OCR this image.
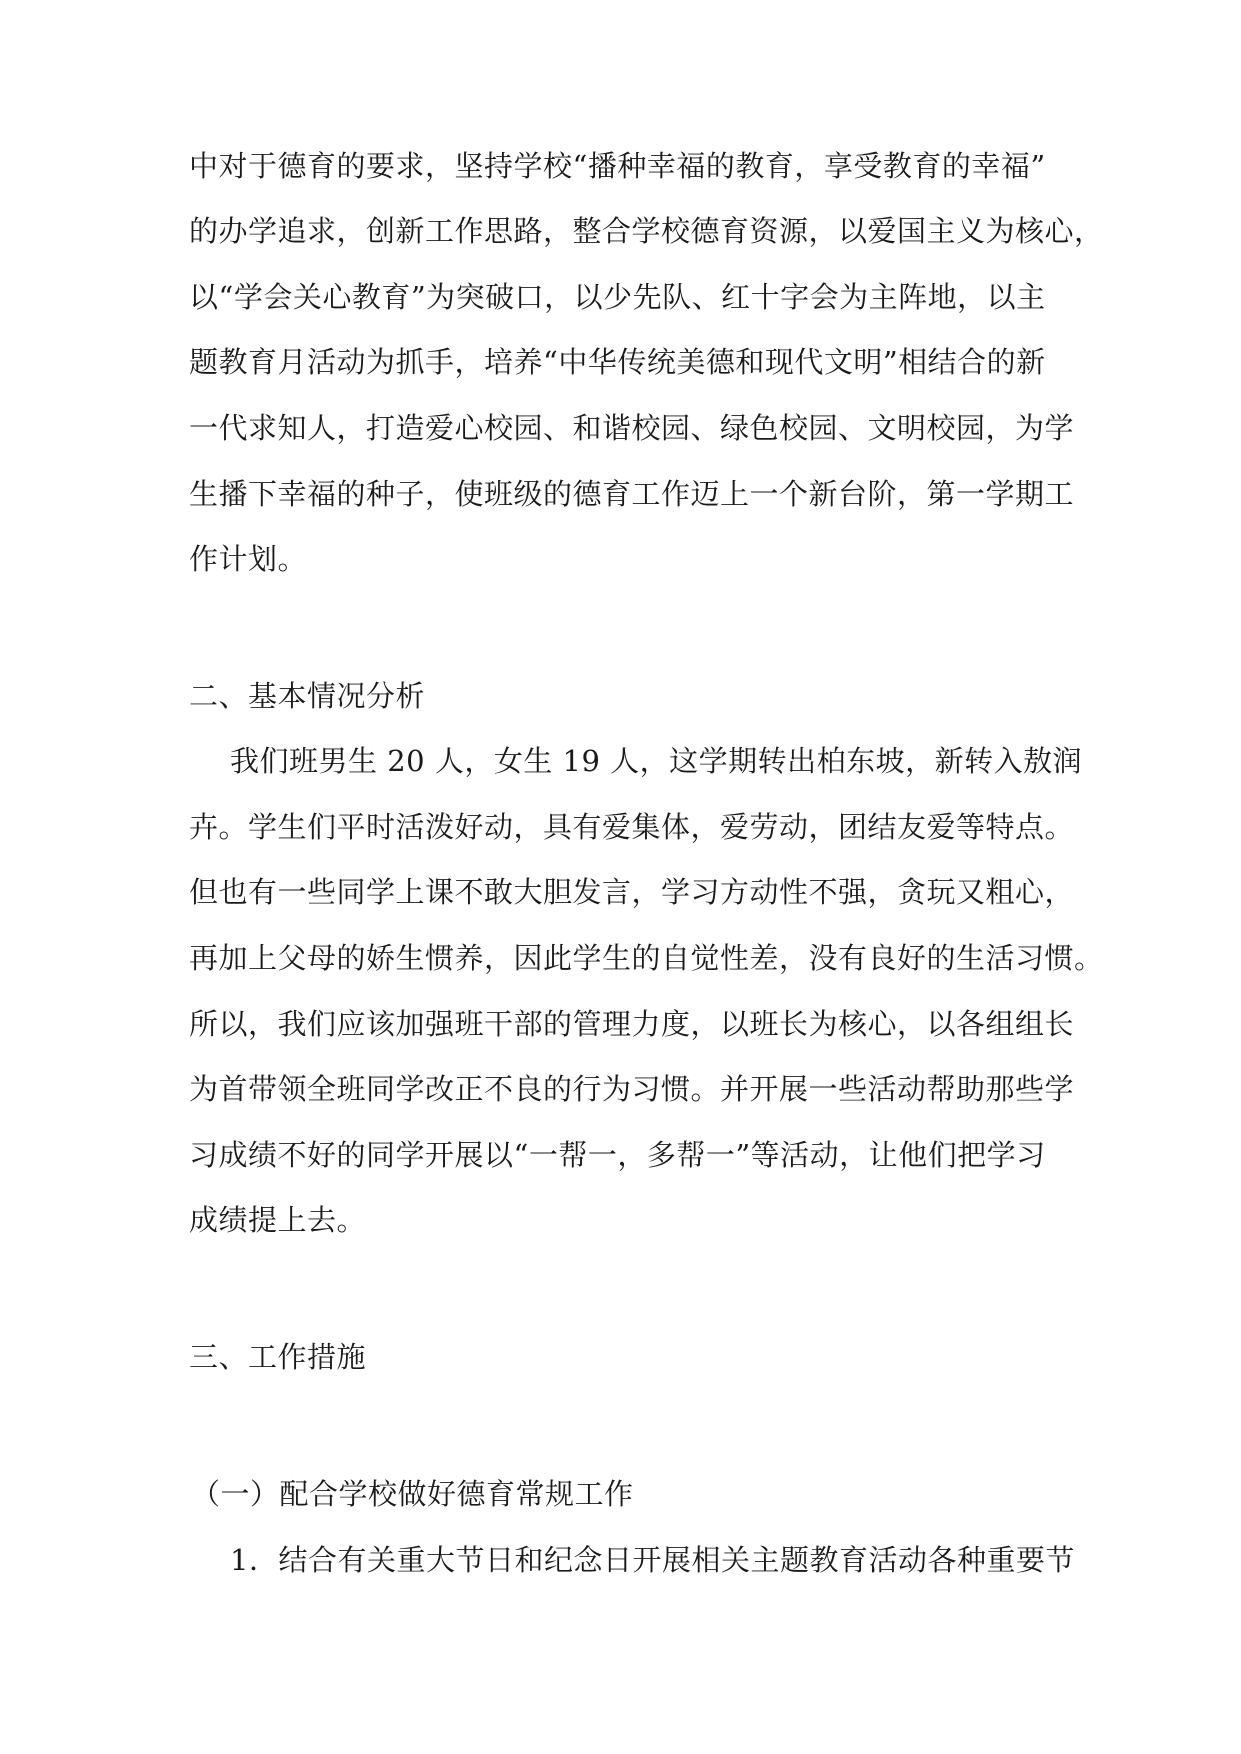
中对于德育的要求，坚持学校“播种幸福的教育，享受教育的幸福”
的办学追求，创新工作思路，整合学校德育资源，以爱国主义为核心，
以“学会关心教育”为突破口，以少先队、红十字会为主阵地，以主
题教育月活动为抓手，培养“中华传统美德和现代文明”相结合的新
一代求知人，打造爱心校园、和谐校园、绿色校园、文明校园，为学
生播下幸福的种子，使班级的德育工作迈上一个新台阶，第一学期工
作计划。
二、基本情况分析
我们班男生 20 人，女生 19 人，这学期转出柏东坡，新转入敖润
卉。学生们平时活泼好动，具有爱集体，爱劳动，团结友爱等特点。
但也有一些同学上课不敢大胆发言，学习方动性不强，贪玩又粗心，
再加上父母的娇生惯养，因此学生的自觉性差，没有良好的生活习惯。
所以，我们应该加强班干部的管理力度，以班长为核心，以各组组长
为首带领全班同学改正不良的行为习惯。并开展一些活动帮助那些学
习成绩不好的同学开展以“一帮一，多帮一”等活动，让他们把学习
成绩提上去。
三、工作措施
（一）配合学校做好德育常规工作
1．结合有关重大节日和纪念日开展相关主题教育活动各种重要节
